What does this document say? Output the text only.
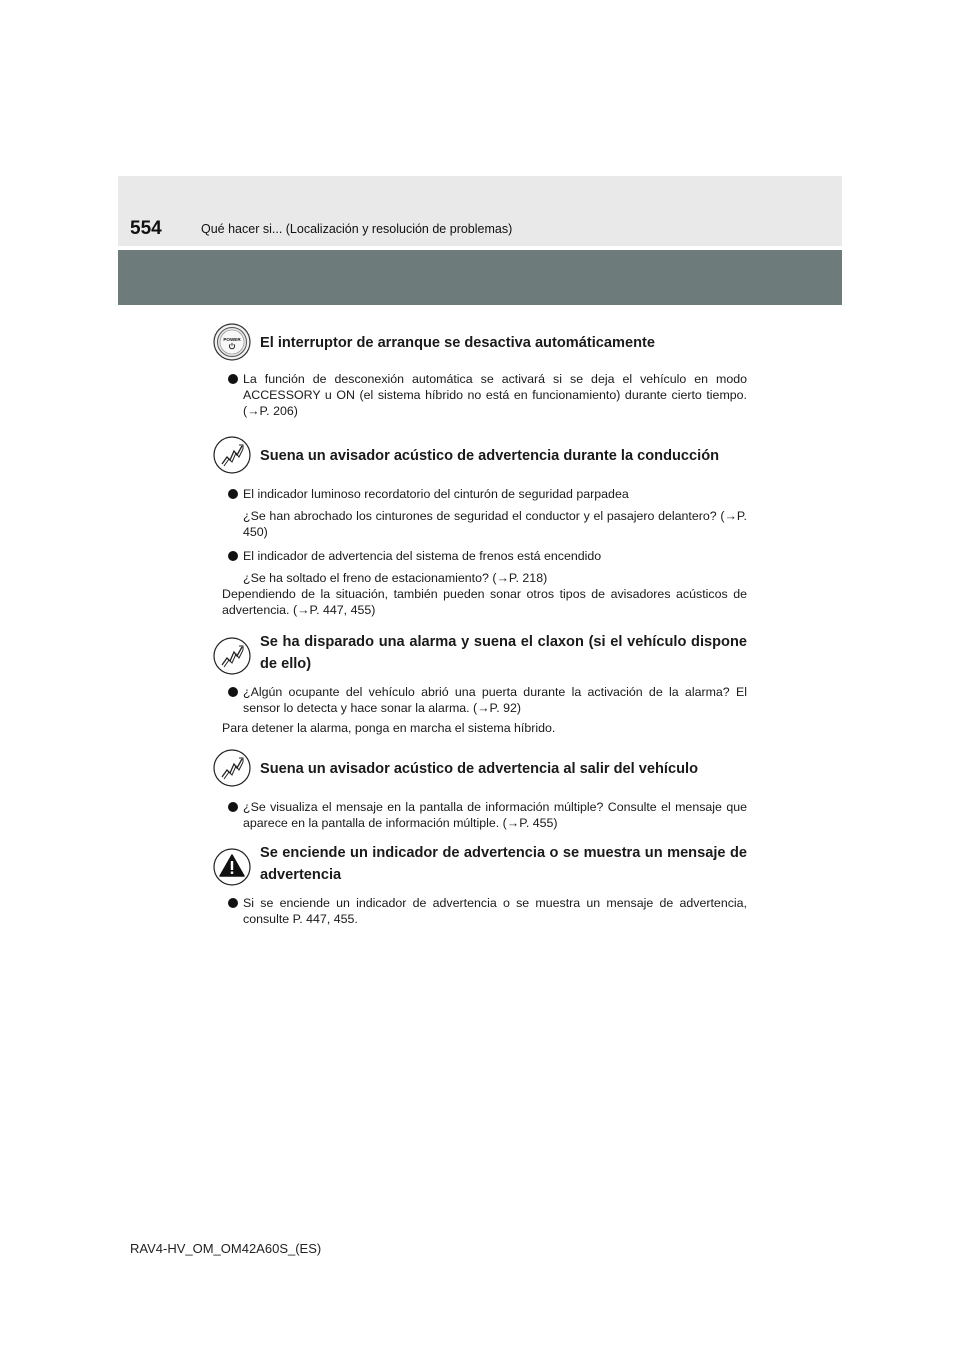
554	Qué hacer si... (Localización y resolución de problemas)
POWER El interruptor de arranque se desactiva automáticamente

La función de desconexión automática se activará si se deja el vehículo en modo ACCESSORY u ON (el sistema híbrido no está en funcionamiento) durante cierto tiempo. (→P. 206)

Suena un avisador acústico de advertencia durante la conducción

El indicador luminoso recordatorio del cinturón de seguridad parpadea

¿Se han abrochado los cinturones de seguridad el conductor y el pasajero delantero? (→P. 450)

El indicador de advertencia del sistema de frenos está encendido

¿Se ha soltado el freno de estacionamiento? (→P. 218)

Dependiendo de la situación, también pueden sonar otros tipos de avisadores acústicos de advertencia. (→P. 447, 455)

Se ha disparado una alarma y suena el claxon (si el vehículo dispone de ello)

¿Algún ocupante del vehículo abrió una puerta durante la activación de la alarma? El sensor lo detecta y hace sonar la alarma. (→P. 92)

Para detener la alarma, ponga en marcha el sistema híbrido.

Suena un avisador acústico de advertencia al salir del vehículo

¿Se visualiza el mensaje en la pantalla de información múltiple? Consulte el mensaje que aparece en la pantalla de información múltiple. (→P. 455)

Se enciende un indicador de advertencia o se muestra un mensaje de advertencia

Si se enciende un indicador de advertencia o se muestra un mensaje de advertencia, consulte P. 447, 455.

RAV4-HV_OM_OM42A60S_(ES)
